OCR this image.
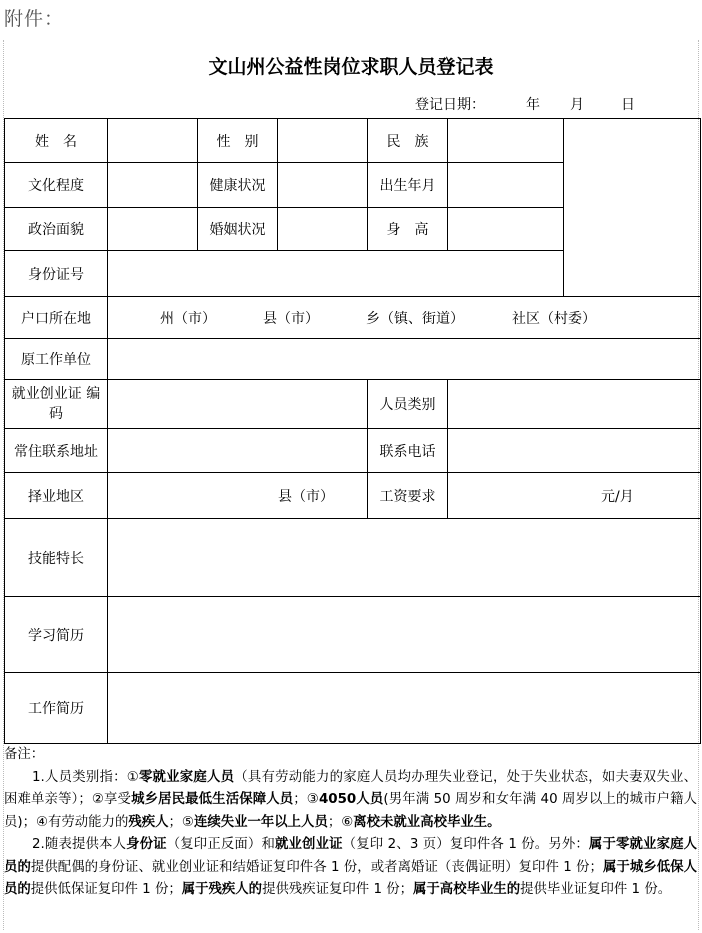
附件：
文山州公益性岗位求职人员登记表
登记日期：	年 月	日
姓　名		性　别		民　族		
文化程度		健康状况		出生年月		
政治面貌		婚姻状况		身　高		
身份证号						
户口所在地	州（市） 县（市） 乡（镇、街道） 社区（村委）					

原工作单位						
就业创业证 编码				人员类别		
常住联系地址				联系电话		
择业地区	县（市）			工资要求	元/月	

技能特长						
学习简历						
工作简历						

备注：

1.人员类别指：①零就业家庭人员（具有劳动能力的家庭人员均办理失业登记，处于失业状态，如夫妻双失业、困难单亲等）；②享受城乡居民最低生活保障人员；③4050人员(男年满 50 周岁和女年满 40 周岁以上的城市户籍人员)；④有劳动能力的残疾人；⑤连续失业一年以上人员；⑥离校未就业高校毕业生。

2.随表提供本人身份证（复印正反面）和就业创业证（复印 2、3 页）复印件各 1 份。另外：属于零就业家庭人员的提供配偶的身份证、就业创业证和结婚证复印件各 1 份，或者离婚证（丧偶证明）复印件 1 份；属于城乡低保人员的提供低保证复印件 1 份；属于残疾人的提供残疾证复印件 1 份；属于高校毕业生的提供毕业证复印件 1 份。
